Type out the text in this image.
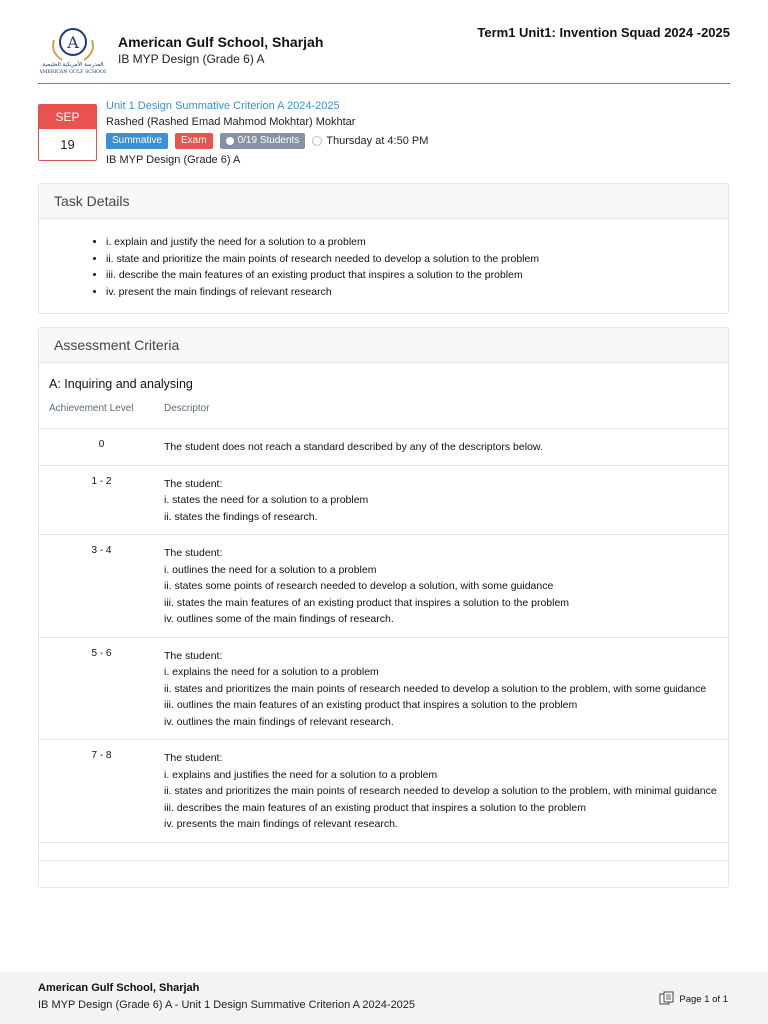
A
المدرسة الأمريكية الخليجية
AMERICAN GULF SCHOOL
American Gulf School, Sharjah
IB MYP Design (Grade 6) A
Term1 Unit1: Invention Squad 2024 -2025
SEP
19
Unit 1 Design Summative Criterion A 2024-2025
Rashed (Rashed Emad Mahmod Mokhtar) Mokhtar
Summative	Exam	0/19 Students Thursday at 4:50 PM
IB MYP Design (Grade 6) A
Task Details
• i. explain and justify the need for a solution to a problem
• ii. state and prioritize the main points of research needed to develop a solution to the problem
• iii. describe the main features of an existing product that inspires a solution to the problem
• iv. present the main findings of relevant research
Assessment Criteria
A: Inquiring and analysing
Achievement Level	Descriptor
0	The student does not reach a standard described by any of the descriptors below.
1 - 2	The student:
i. states the need for a solution to a problem
ii. states the findings of research.
3 - 4	The student:
i. outlines the need for a solution to a problem
ii. states some points of research needed to develop a solution, with some guidance
iii. states the main features of an existing product that inspires a solution to the problem
iv. outlines some of the main findings of research.
5 - 6	The student:
i. explains the need for a solution to a problem
ii. states and prioritizes the main points of research needed to develop a solution to the problem, with some guidance
iii. outlines the main features of an existing product that inspires a solution to the problem
iv. outlines the main findings of relevant research.
7 - 8	The student:
i. explains and justifies the need for a solution to a problem
ii. states and prioritizes the main points of research needed to develop a solution to the problem, with minimal guidance
iii. describes the main features of an existing product that inspires a solution to the problem
iv. presents the main findings of relevant research.
American Gulf School, Sharjah
IB MYP Design (Grade 6) A - Unit 1 Design Summative Criterion A 2024-2025	Page 1 of 1
